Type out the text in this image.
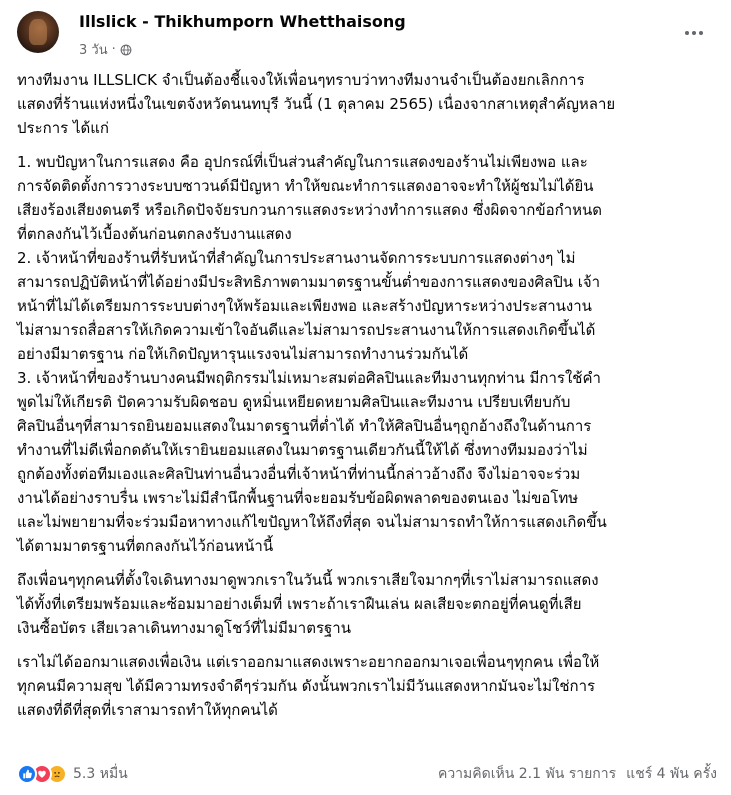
Illslick - Thikhumporn Whetthaisong
3 วัน ·
ทางทีมงาน ILLSLICK จำเป็นต้องชี้แจงให้เพื่อนๆทราบว่าทางทีมงานจำเป็นต้องยกเลิกการ
แสดงที่ร้านแห่งหนึ่งในเขตจังหวัดนนทบุรี วันนี้ (1 ตุลาคม 2565) เนื่องจากสาเหตุสำคัญหลาย
ประการ ได้แก่
1. พบปัญหาในการแสดง คือ อุปกรณ์ที่เป็นส่วนสำคัญในการแสดงของร้านไม่เพียงพอ และ
การจัดติดตั้งการวางระบบซาวนด์มีปัญหา ทำให้ขณะทำการแสดงอาจจะทำให้ผู้ชมไม่ได้ยิน
เสียงร้องเสียงดนตรี หรือเกิดปัจจัยรบกวนการแสดงระหว่างทำการแสดง ซึ่งผิดจากข้อกำหนด
ที่ตกลงกันไว้เบื้องต้นก่อนตกลงรับงานแสดง
2. เจ้าหน้าที่ของร้านที่รับหน้าที่สำคัญในการประสานงานจัดการระบบการแสดงต่างๆ ไม่
สามารถปฏิบัติหน้าที่ได้อย่างมีประสิทธิภาพตามมาตรฐานขั้นต่ำของการแสดงของศิลปิน เจ้า
หน้าที่ไม่ได้เตรียมการระบบต่างๆให้พร้อมและเพียงพอ และสร้างปัญหาระหว่างประสานงาน
ไม่สามารถสื่อสารให้เกิดความเข้าใจอันดีและไม่สามารถประสานงานให้การแสดงเกิดขึ้นได้
อย่างมีมาตรฐาน ก่อให้เกิดปัญหารุนแรงจนไม่สามารถทำงานร่วมกันได้
3. เจ้าหน้าที่ของร้านบางคนมีพฤติกรรมไม่เหมาะสมต่อศิลปินและทีมงานทุกท่าน มีการใช้คำ
พูดไม่ให้เกียรติ ปัดความรับผิดชอบ ดูหมิ่นเหยียดหยามศิลปินและทีมงาน เปรียบเทียบกับ
ศิลปินอื่นๆที่สามารถยินยอมแสดงในมาตรฐานที่ต่ำได้ ทำให้ศิลปินอื่นๆถูกอ้างถึงในด้านการ
ทำงานที่ไม่ดีเพื่อกดดันให้เรายินยอมแสดงในมาตรฐานเดียวกันนี้ให้ได้ ซึ่งทางทีมมองว่าไม่
ถูกต้องทั้งต่อทีมเองและศิลปินท่านอื่นวงอื่นที่เจ้าหน้าที่ท่านนี้กล่าวอ้างถึง จึงไม่อาจจะร่วม
งานได้อย่างราบรื่น เพราะไม่มีสำนึกพื้นฐานที่จะยอมรับข้อผิดพลาดของตนเอง ไม่ขอโทษ
และไม่พยายามที่จะร่วมมือหาทางแก้ไขปัญหาให้ถึงที่สุด จนไม่สามารถทำให้การแสดงเกิดขึ้น
ได้ตามมาตรฐานที่ตกลงกันไว้ก่อนหน้านี้
ถึงเพื่อนๆทุกคนที่ตั้งใจเดินทางมาดูพวกเราในวันนี้ พวกเราเสียใจมากๆที่เราไม่สามารถแสดง
ได้ทั้งที่เตรียมพร้อมและซ้อมมาอย่างเต็มที่ เพราะถ้าเราฝืนเล่น ผลเสียจะตกอยู่ที่คนดูที่เสีย
เงินซื้อบัตร เสียเวลาเดินทางมาดูโชว์ที่ไม่มีมาตรฐาน
เราไม่ได้ออกมาแสดงเพื่อเงิน แต่เราออกมาแสดงเพราะอยากออกมาเจอเพื่อนๆทุกคน เพื่อให้
ทุกคนมีความสุข ได้มีความทรงจำดีๆร่วมกัน ดังนั้นพวกเราไม่มีวันแสดงหากมันจะไม่ใช่การ
แสดงที่ดีที่สุดที่เราสามารถทำให้ทุกคนได้
5.3 หมื่น	ความคิดเห็น 2.1 พัน รายการ แชร์ 4 พัน ครั้ง
